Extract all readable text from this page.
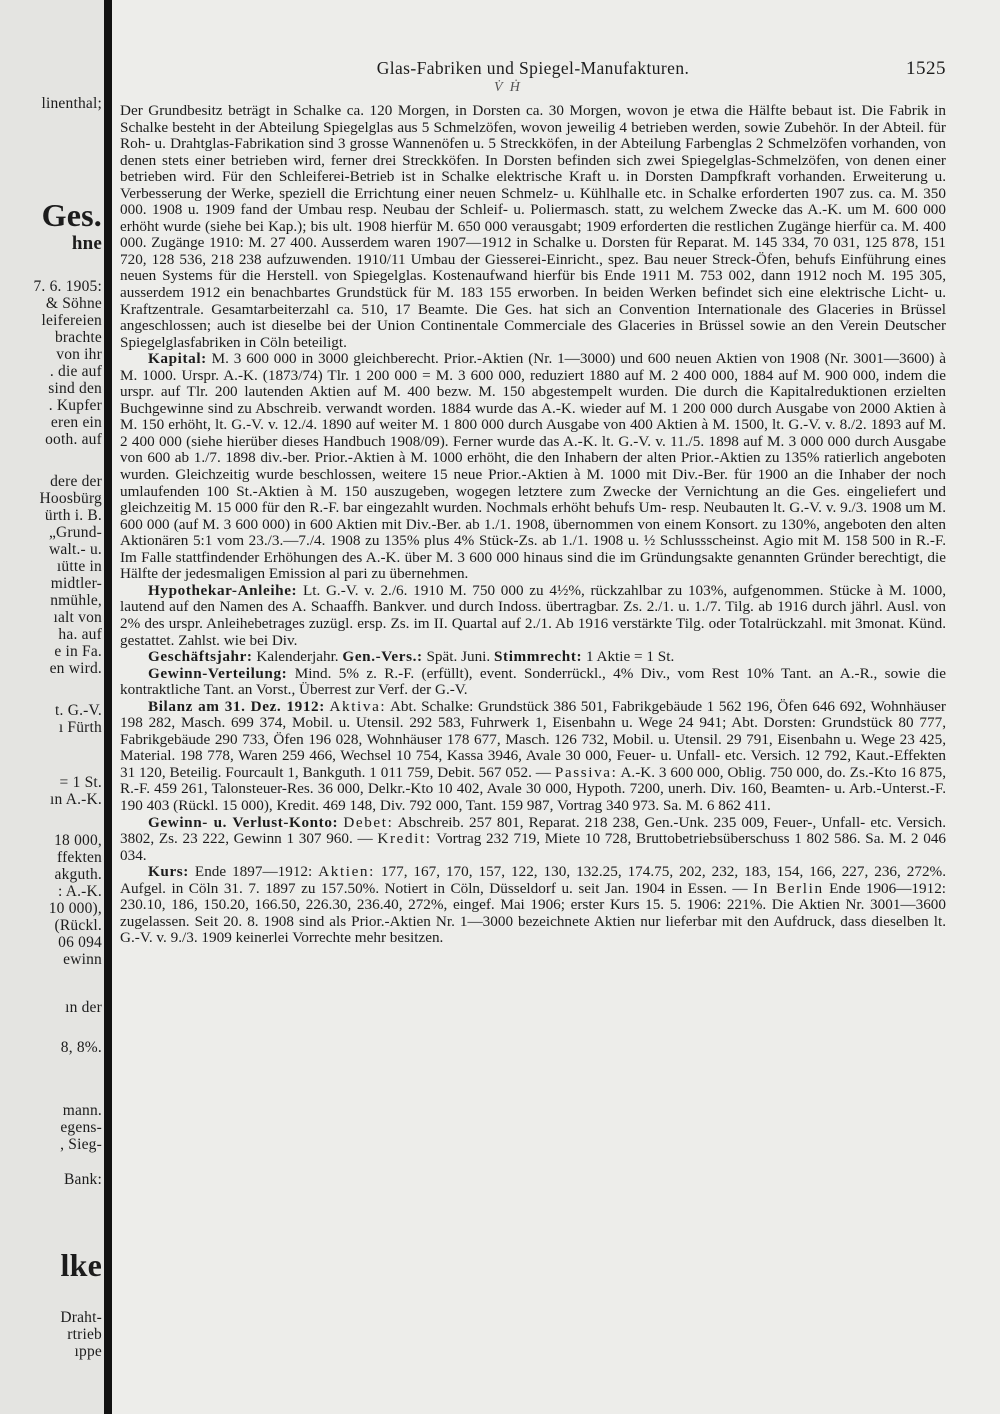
linenthal;
Ges.
hne
7. 6. 1905:
& Söhne
leifereien
brachte
von ihr
. die auf
sind den
. Kupfer
eren ein
ooth. auf
dere der
Hoosbürg
ürth i. B.
„Grund-
walt.- u.
ıütte in
midtler-
nmühle,
ıalt von
ha. auf
e in Fa.
en wird.
t. G.-V.
ı Fürth
= 1 St.
ın A.-K.
18 000,
ffekten
akguth.
: A.-K.
10 000),
(Rückl.
06 094
ewinn
ın der
8, 8%.
mann.
egens-
, Sieg-
Bank:
lke
Draht-
rtrieb
ıppe
Glas-Fabriken und Spiegel-Manufakturen.	1525
V̇ Ḣ

Der Grundbesitz beträgt in Schalke ca. 120 Morgen, in Dorsten ca. 30 Morgen, wovon je etwa die Hälfte bebaut ist. Die Fabrik in Schalke besteht in der Abteilung Spiegelglas aus 5 Schmelzöfen, wovon jeweilig 4 betrieben werden, sowie Zubehör. In der Abteil. für Roh- u. Drahtglas-Fabrikation sind 3 grosse Wannenöfen u. 5 Streckköfen, in der Abteilung Farbenglas 2 Schmelzöfen vorhanden, von denen stets einer betrieben wird, ferner drei Streckköfen. In Dorsten befinden sich zwei Spiegelglas-Schmelzöfen, von denen einer betrieben wird. Für den Schleiferei-Betrieb ist in Schalke elektrische Kraft u. in Dorsten Dampfkraft vorhanden. Erweiterung u. Verbesserung der Werke, speziell die Errichtung einer neuen Schmelz- u. Kühlhalle etc. in Schalke erforderten 1907 zus. ca. M. 350 000. 1908 u. 1909 fand der Umbau resp. Neubau der Schleif- u. Poliermasch. statt, zu welchem Zwecke das A.-K. um M. 600 000 erhöht wurde (siehe bei Kap.); bis ult. 1908 hierfür M. 650 000 verausgabt; 1909 erforderten die restlichen Zugänge hierfür ca. M. 400 000. Zugänge 1910: M. 27 400. Ausserdem waren 1907—1912 in Schalke u. Dorsten für Reparat. M. 145 334, 70 031, 125 878, 151 720, 128 536, 218 238 aufzuwenden. 1910/11 Umbau der Giesserei-Einricht., spez. Bau neuer Streck-Öfen, behufs Einführung eines neuen Systems für die Herstell. von Spiegelglas. Kostenaufwand hierfür bis Ende 1911 M. 753 002, dann 1912 noch M. 195 305, ausserdem 1912 ein benachbartes Grundstück für M. 183 155 erworben. In beiden Werken befindet sich eine elektrische Licht- u. Kraftzentrale. Gesamtarbeiterzahl ca. 510, 17 Beamte. Die Ges. hat sich an Convention Internationale des Glaceries in Brüssel angeschlossen; auch ist dieselbe bei der Union Continentale Commerciale des Glaceries in Brüssel sowie an den Verein Deutscher Spiegelglasfabriken in Cöln beteiligt.

Kapital: M. 3 600 000 in 3000 gleichberecht. Prior.-Aktien (Nr. 1—3000) und 600 neuen Aktien von 1908 (Nr. 3001—3600) à M. 1000. Urspr. A.-K. (1873/74) Tlr. 1 200 000 = M. 3 600 000, reduziert 1880 auf M. 2 400 000, 1884 auf M. 900 000, indem die urspr. auf Tlr. 200 lautenden Aktien auf M. 400 bezw. M. 150 abgestempelt wurden. Die durch die Kapitalreduktionen erzielten Buchgewinne sind zu Abschreib. verwandt worden. 1884 wurde das A.-K. wieder auf M. 1 200 000 durch Ausgabe von 2000 Aktien à M. 150 erhöht, lt. G.-V. v. 12./4. 1890 auf weiter M. 1 800 000 durch Ausgabe von 400 Aktien à M. 1500, lt. G.-V. v. 8./2. 1893 auf M. 2 400 000 (siehe hierüber dieses Handbuch 1908/09). Ferner wurde das A.-K. lt. G.-V. v. 11./5. 1898 auf M. 3 000 000 durch Ausgabe von 600 ab 1./7. 1898 div.-ber. Prior.-Aktien à M. 1000 erhöht, die den Inhabern der alten Prior.-Aktien zu 135% ratierlich angeboten wurden. Gleichzeitig wurde beschlossen, weitere 15 neue Prior.-Aktien à M. 1000 mit Div.-Ber. für 1900 an die Inhaber der noch umlaufenden 100 St.-Aktien à M. 150 auszugeben, wogegen letztere zum Zwecke der Vernichtung an die Ges. eingeliefert und gleichzeitig M. 15 000 für den R.-F. bar eingezahlt wurden. Nochmals erhöht behufs Um- resp. Neubauten lt. G.-V. v. 9./3. 1908 um M. 600 000 (auf M. 3 600 000) in 600 Aktien mit Div.-Ber. ab 1./1. 1908, übernommen von einem Konsort. zu 130%, angeboten den alten Aktionären 5:1 vom 23./3.—7./4. 1908 zu 135% plus 4% Stück-Zs. ab 1./1. 1908 u. ½ Schlussscheinst. Agio mit M. 158 500 in R.-F. Im Falle stattfindender Erhöhungen des A.-K. über M. 3 600 000 hinaus sind die im Gründungsakte genannten Gründer berechtigt, die Hälfte der jedesmaligen Emission al pari zu übernehmen.

Hypothekar-Anleihe: Lt. G.-V. v. 2./6. 1910 M. 750 000 zu 4½%, rückzahlbar zu 103%, aufgenommen. Stücke à M. 1000, lautend auf den Namen des A. Schaaffh. Bankver. und durch Indoss. übertragbar. Zs. 2./1. u. 1./7. Tilg. ab 1916 durch jährl. Ausl. von 2% des urspr. Anleihebetrages zuzügl. ersp. Zs. im II. Quartal auf 2./1. Ab 1916 verstärkte Tilg. oder Totalrückzahl. mit 3monat. Künd. gestattet. Zahlst. wie bei Div.

Geschäftsjahr: Kalenderjahr. Gen.-Vers.: Spät. Juni. Stimmrecht: 1 Aktie = 1 St.

Gewinn-Verteilung: Mind. 5% z. R.-F. (erfüllt), event. Sonderrückl., 4% Div., vom Rest 10% Tant. an A.-R., sowie die kontraktliche Tant. an Vorst., Überrest zur Verf. der G.-V.

Bilanz am 31. Dez. 1912: Aktiva: Abt. Schalke: Grundstück 386 501, Fabrikgebäude 1 562 196, Öfen 646 692, Wohnhäuser 198 282, Masch. 699 374, Mobil. u. Utensil. 292 583, Fuhrwerk 1, Eisenbahn u. Wege 24 941; Abt. Dorsten: Grundstück 80 777, Fabrikgebäude 290 733, Öfen 196 028, Wohnhäuser 178 677, Masch. 126 732, Mobil. u. Utensil. 29 791, Eisenbahn u. Wege 23 425, Material. 198 778, Waren 259 466, Wechsel 10 754, Kassa 3946, Avale 30 000, Feuer- u. Unfall- etc. Versich. 12 792, Kaut.-Effekten 31 120, Beteilig. Fourcault 1, Bankguth. 1 011 759, Debit. 567 052. — Passiva: A.-K. 3 600 000, Oblig. 750 000, do. Zs.-Kto 16 875, R.-F. 459 261, Talonsteuer-Res. 36 000, Delkr.-Kto 10 402, Avale 30 000, Hypoth. 7200, unerh. Div. 160, Beamten- u. Arb.-Unterst.-F. 190 403 (Rückl. 15 000), Kredit. 469 148, Div. 792 000, Tant. 159 987, Vortrag 340 973. Sa. M. 6 862 411.

Gewinn- u. Verlust-Konto: Debet: Abschreib. 257 801, Reparat. 218 238, Gen.-Unk. 235 009, Feuer-, Unfall- etc. Versich. 3802, Zs. 23 222, Gewinn 1 307 960. — Kredit: Vortrag 232 719, Miete 10 728, Bruttobetriebsüberschuss 1 802 586. Sa. M. 2 046 034.

Kurs: Ende 1897—1912: Aktien: 177, 167, 170, 157, 122, 130, 132.25, 174.75, 202, 232, 183, 154, 166, 227, 236, 272%. Aufgel. in Cöln 31. 7. 1897 zu 157.50%. Notiert in Cöln, Düsseldorf u. seit Jan. 1904 in Essen. — In Berlin Ende 1906—1912: 230.10, 186, 150.20, 166.50, 226.30, 236.40, 272%, eingef. Mai 1906; erster Kurs 15. 5. 1906: 221%. Die Aktien Nr. 3001—3600 zugelassen. Seit 20. 8. 1908 sind als Prior.-Aktien Nr. 1—3000 bezeichnete Aktien nur lieferbar mit den Aufdruck, dass dieselben lt. G.-V. v. 9./3. 1909 keinerlei Vorrechte mehr besitzen.
